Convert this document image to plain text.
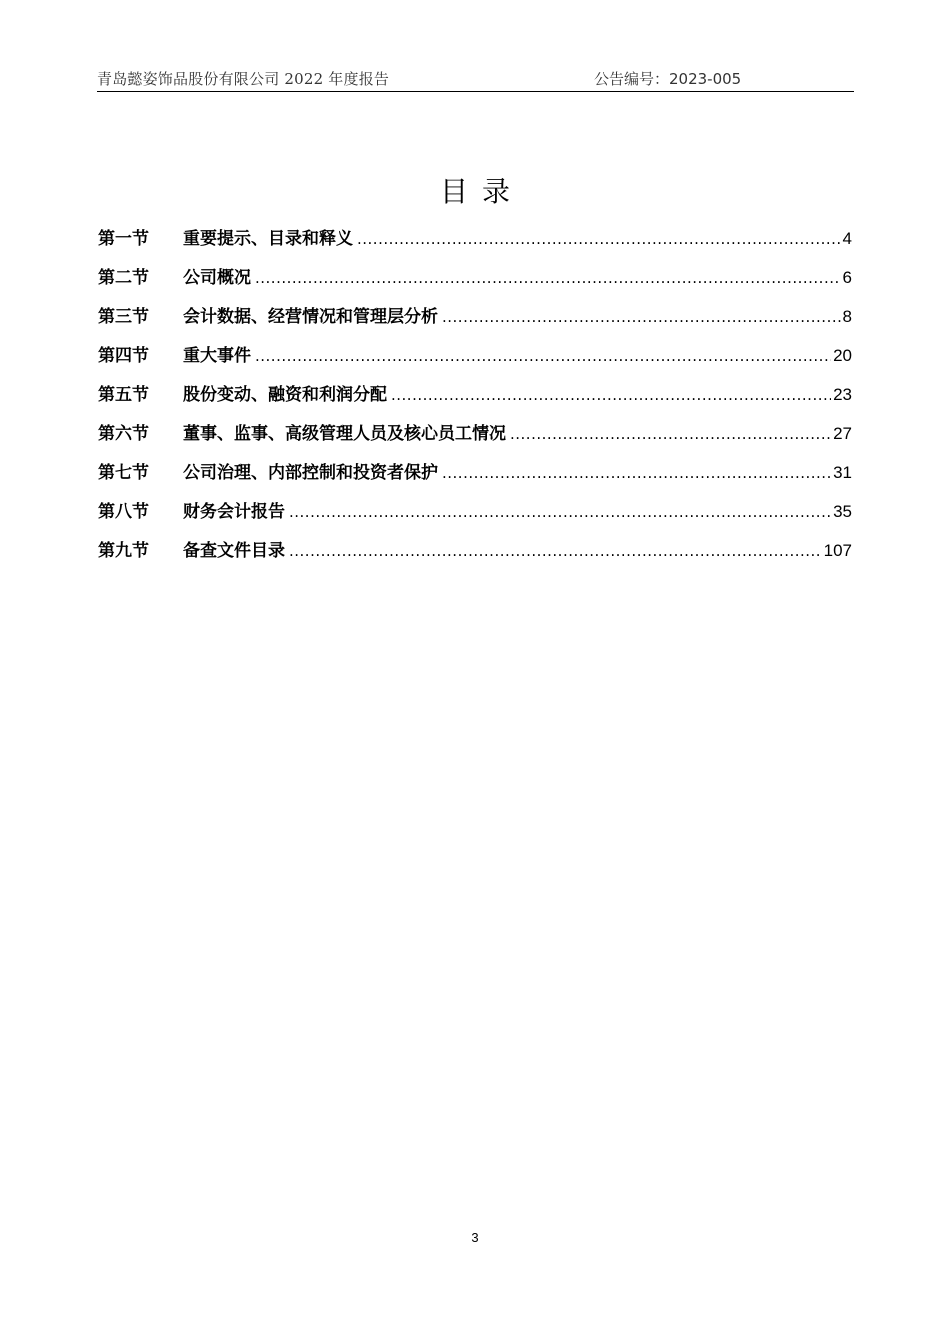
青岛懿姿饰品股份有限公司 2022 年度报告	公告编号：2023-005
目录
第一节	重要提示、目录和释义 .....	4
第二节	公司概况 .....	6
第三节	会计数据、经营情况和管理层分析 .....	8
第四节	重大事件 .....	20
第五节	股份变动、融资和利润分配 .....	23
第六节	董事、监事、高级管理人员及核心员工情况 .....	27
第七节	公司治理、内部控制和投资者保护 .....	31
第八节	财务会计报告 .....	35
第九节	备查文件目录 .....	107
3
